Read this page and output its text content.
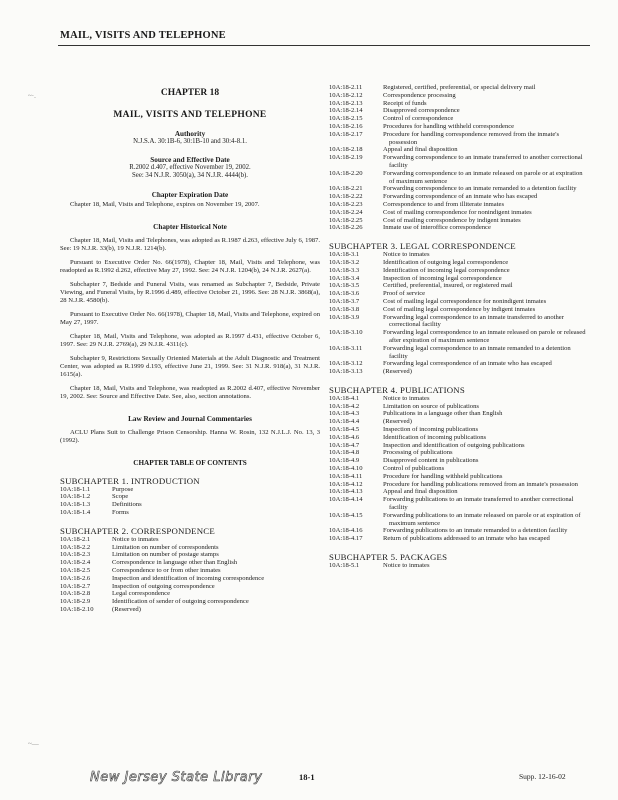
MAIL, VISITS AND TELEPHONE
~·.
~—
CHAPTER 18
MAIL, VISITS AND TELEPHONE
Authority
N.J.S.A. 30:1B-6, 30:1B-10 and 30:4-8.1.
Source and Effective Date
R.2002 d.407, effective November 19, 2002.
See: 34 N.J.R. 3050(a), 34 N.J.R. 4444(b).
Chapter Expiration Date
Chapter 18, Mail, Visits and Telephone, expires on November 19, 2007.
Chapter Historical Note
Chapter 18, Mail, Visits and Telephones, was adopted as R.1987 d.263, effective July 6, 1987. See: 19 N.J.R. 33(b), 19 N.J.R. 1214(b).
Pursuant to Executive Order No. 66(1978), Chapter 18, Mail, Visits and Telephone, was readopted as R.1992 d.262, effective May 27, 1992. See: 24 N.J.R. 1204(b), 24 N.J.R. 2627(a).
Subchapter 7, Bedside and Funeral Visits, was renamed as Subchapter 7, Bedside, Private Viewing, and Funeral Visits, by R.1996 d.489, effective October 21, 1996. See: 28 N.J.R. 3868(a), 28 N.J.R. 4580(b).
Pursuant to Executive Order No. 66(1978), Chapter 18, Mail, Visits and Telephone, expired on May 27, 1997.
Chapter 18, Mail, Visits and Telephone, was adopted as R.1997 d.431, effective October 6, 1997. See: 29 N.J.R. 2769(a), 29 N.J.R. 4311(c).
Subchapter 9, Restrictions Sexually Oriented Materials at the Adult Diagnostic and Treatment Center, was adopted as R.1999 d.193, effective June 21, 1999. See: 31 N.J.R. 918(a), 31 N.J.R. 1615(a).
Chapter 18, Mail, Visits and Telephone, was readopted as R.2002 d.407, effective November 19, 2002. See: Source and Effective Date. See, also, section annotations.
Law Review and Journal Commentaries
ACLU Plans Suit to Challenge Prison Censorship. Hanna W. Rosin, 132 N.J.L.J. No. 13, 3 (1992).
CHAPTER TABLE OF CONTENTS
SUBCHAPTER 1. INTRODUCTION
10A:18-1.1	Purpose
10A:18-1.2	Scope
10A:18-1.3	Definitions
10A:18-1.4	Forms
SUBCHAPTER 2. CORRESPONDENCE
10A:18-2.1	Notice to inmates
10A:18-2.2	Limitation on number of correspondents
10A:18-2.3	Limitation on number of postage stamps
10A:18-2.4	Correspondence in language other than English
10A:18-2.5	Correspondence to or from other inmates
10A:18-2.6	Inspection and identification of incoming correspondence
10A:18-2.7	Inspection of outgoing correspondence
10A:18-2.8	Legal correspondence
10A:18-2.9	Identification of sender of outgoing correspondence
10A:18-2.10	(Reserved)
10A:18-2.11	Registered, certified, preferential, or special delivery mail
10A:18-2.12	Correspondence processing
10A:18-2.13	Receipt of funds
10A:18-2.14	Disapproved correspondence
10A:18-2.15	Control of correspondence
10A:18-2.16	Procedures for handling withheld correspondence
10A:18-2.17	Procedure for handling correspondence removed from the inmate's possession
10A:18-2.18	Appeal and final disposition
10A:18-2.19	Forwarding correspondence to an inmate transferred to another correctional facility
10A:18-2.20	Forwarding correspondence to an inmate released on parole or at expiration of maximum sentence
10A:18-2.21	Forwarding correspondence to an inmate remanded to a detention facility
10A:18-2.22	Forwarding correspondence of an inmate who has escaped
10A:18-2.23	Correspondence to and from illiterate inmates
10A:18-2.24	Cost of mailing correspondence for nonindigent inmates
10A:18-2.25	Cost of mailing correspondence by indigent inmates
10A:18-2.26	Inmate use of interoffice correspondence
SUBCHAPTER 3. LEGAL CORRESPONDENCE
10A:18-3.1	Notice to inmates
10A:18-3.2	Identification of outgoing legal correspondence
10A:18-3.3	Identification of incoming legal correspondence
10A:18-3.4	Inspection of incoming legal correspondence
10A:18-3.5	Certified, preferential, insured, or registered mail
10A:18-3.6	Proof of service
10A:18-3.7	Cost of mailing legal correspondence for nonindigent inmates
10A:18-3.8	Cost of mailing legal correspondence by indigent inmates
10A:18-3.9	Forwarding legal correspondence to an inmate transferred to another correctional facility
10A:18-3.10	Forwarding legal correspondence to an inmate released on parole or released after expiration of maximum sentence
10A:18-3.11	Forwarding legal correspondence to an inmate remanded to a detention facility
10A:18-3.12	Forwarding legal correspondence of an inmate who has escaped
10A:18-3.13	(Reserved)
SUBCHAPTER 4. PUBLICATIONS
10A:18-4.1	Notice to inmates
10A:18-4.2	Limitation on source of publications
10A:18-4.3	Publications in a language other than English
10A:18-4.4	(Reserved)
10A:18-4.5	Inspection of incoming publications
10A:18-4.6	Identification of incoming publications
10A:18-4.7	Inspection and identification of outgoing publications
10A:18-4.8	Processing of publications
10A:18-4.9	Disapproved content in publications
10A:18-4.10	Control of publications
10A:18-4.11	Procedure for handling withheld publications
10A:18-4.12	Procedure for handling publications removed from an inmate's possession
10A:18-4.13	Appeal and final disposition
10A:18-4.14	Forwarding publications to an inmate transferred to another correctional facility
10A:18-4.15	Forwarding publications to an inmate released on parole or at expiration of maximum sentence
10A:18-4.16	Forwarding publications to an inmate remanded to a detention facility
10A:18-4.17	Return of publications addressed to an inmate who has escaped
SUBCHAPTER 5. PACKAGES
10A:18-5.1	Notice to inmates
New Jersey State Library	18-1	Supp. 12-16-02
